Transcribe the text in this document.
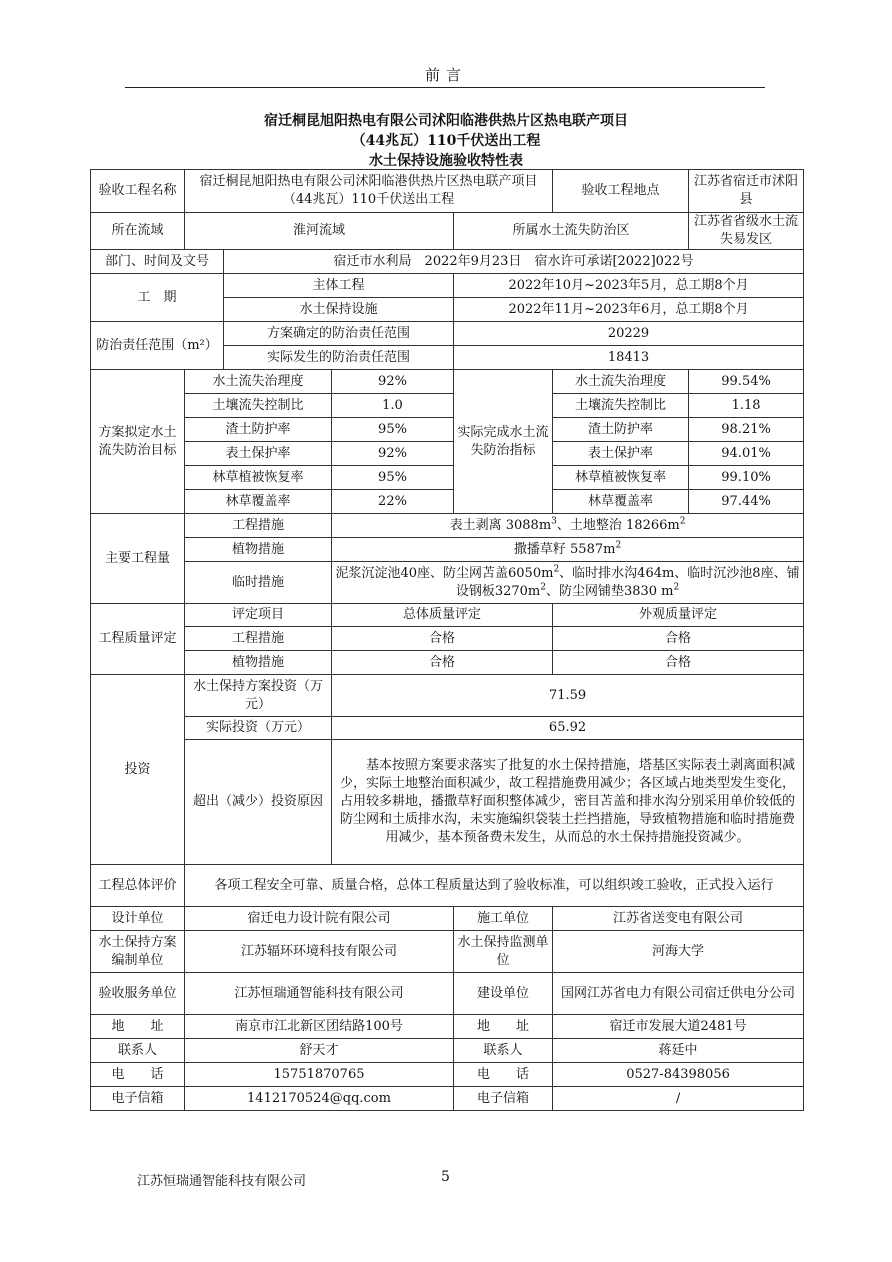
前言
宿迁桐昆旭阳热电有限公司沭阳临港供热片区热电联产项目
（44兆瓦）110千伏送出工程
水土保持设施验收特性表
验收工程名称	宿迁桐昆旭阳热电有限公司沭阳临港供热片区热电联产项目（44兆瓦）110千伏送出工程				验收工程地点	江苏省宿迁市沭阳县
所在流域	淮河流域			所属水土流失防治区		江苏省省级水土流失易发区
部门、时间及文号		宿迁市水利局　2022年9月23日　宿水许可承诺[2022]022号				
工　期		主体工程		2022年10月~2023年5月，总工期8个月		
		水土保持设施		2022年11月~2023年6月，总工期8个月		
防治责任范围（m²）		方案确定的防治责任范围		20229		
		实际发生的防治责任范围		18413		
方案拟定水土流失防治目标	水土流失治理度		92%	实际完成水土流失防治指标	水土流失治理度	99.54%
	土壤流失控制比		1.0		土壤流失控制比	1.18
	渣土防护率		95%		渣土防护率	98.21%
	表土保护率		92%		表土保护率	94.01%
	林草植被恢复率		95%		林草植被恢复率	99.10%
	林草覆盖率		22%		林草覆盖率	97.44%
主要工程量	工程措施		表土剥离 $3088m^3$、土地整治 $18266m^2$
	植物措施		撒播草籽 $5587m^2$
	临时措施		泥浆沉淀池40座、防尘网苫盖$6050m^2$、临时排水沟464m、临时沉沙池8座、铺设钢板$3270m^2$、防尘网铺垫3830 $m^2$
工程质量评定	评定项目		总体质量评定		外观质量评定	
	工程措施		合格		合格	
	植物措施		合格		合格	
投资	水土保持方案投资（万元）		71.59			
	实际投资（万元）		65.92			
	超出（减少）投资原因		　　基本按照方案要求落实了批复的水土保持措施，塔基区实际表土剥离面积减少，实际土地整治面积减少，故工程措施费用减少；各区域占地类型发生变化，占用较多耕地，播撒草籽面积整体减少，密目苫盖和排水沟分别采用单价较低的防尘网和土质排水沟，未实施编织袋装土拦挡措施，导致植物措施和临时措施费用减少，基本预备费未发生，从而总的水土保持措施投资减少。			
工程总体评价	各项工程安全可靠、质量合格，总体工程质量达到了验收标准，可以组织竣工验收，正式投入运行					
设计单位	宿迁电力设计院有限公司			施工单位	江苏省送变电有限公司	
水土保持方案编制单位	江苏辐环环境科技有限公司			水土保持监测单位	河海大学	
验收服务单位	江苏恒瑞通智能科技有限公司			建设单位	国网江苏省电力有限公司宿迁供电分公司	
地　　址	南京市江北新区团结路100号			地　　址	宿迁市发展大道2481号	
联系人	舒天才			联系人	蒋廷中	
电　　话	15751870765			电　　话	0527-84398056	
电子信箱	1412170524@qq.com			电子信箱	/	
江苏恒瑞通智能科技有限公司	5
